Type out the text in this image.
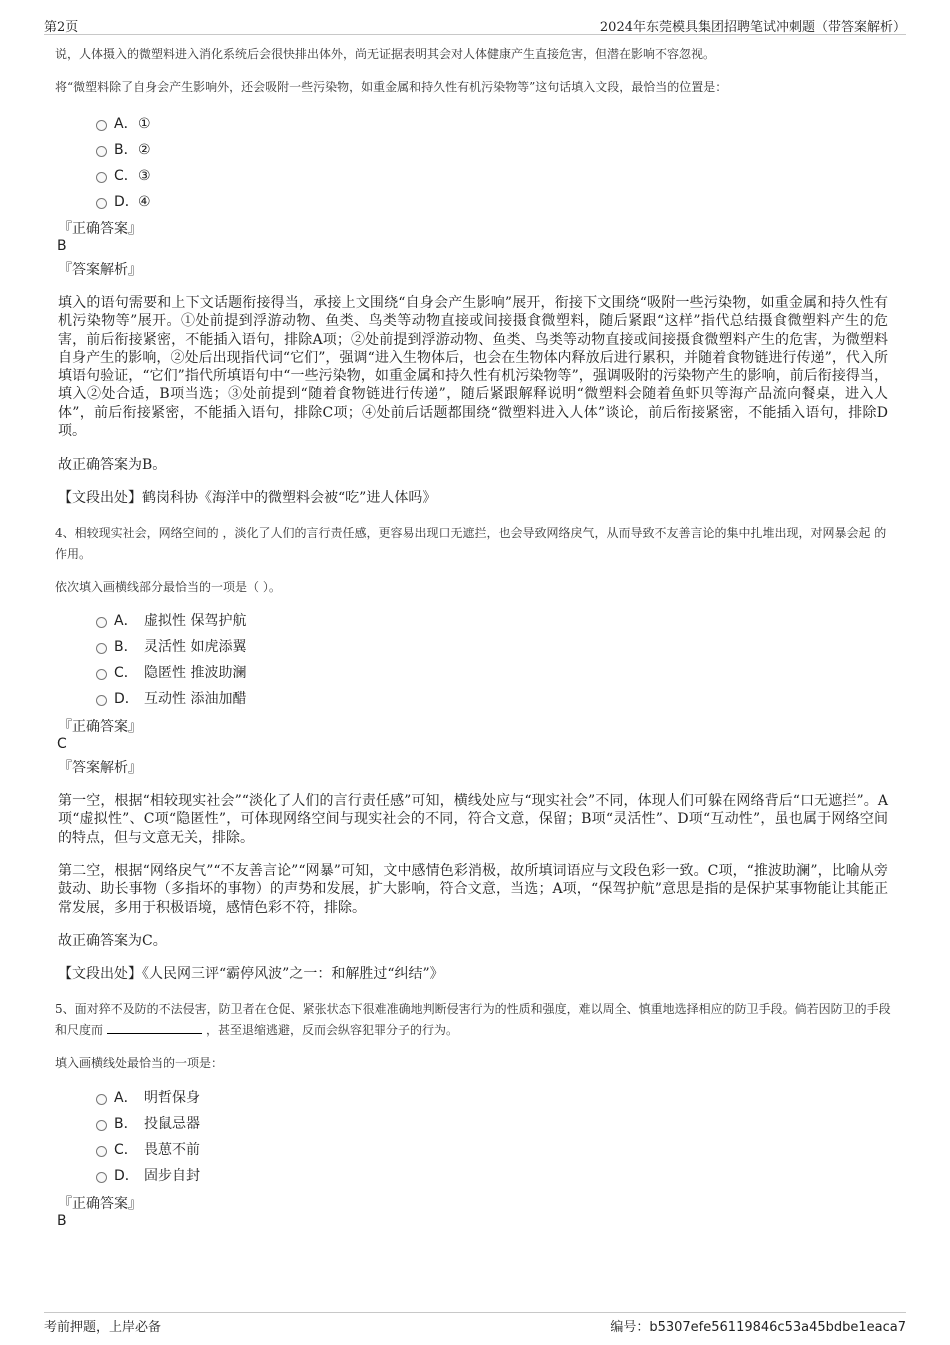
第2页	2024年东莞模具集团招聘笔试冲刺题（带答案解析）
说，人体摄入的微塑料进入消化系统后会很快排出体外，尚无证据表明其会对人体健康产生直接危害，但潜在影响不容忽视。
将“微塑料除了自身会产生影响外，还会吸附一些污染物，如重金属和持久性有机污染物等”这句话填入文段，最恰当的位置是：
A． ①
B． ②
C． ③
D． ④
『正确答案』
B
『答案解析』
填入的语句需要和上下文话题衔接得当，承接上文围绕“自身会产生影响”展开，衔接下文围绕“吸附一些污染物，如重金属和持久性有机污染物等”展开。①处前提到浮游动物、鱼类、鸟类等动物直接或间接摄食微塑料，随后紧跟“这样”指代总结摄食微塑料产生的危害，前后衔接紧密，不能插入语句，排除A项；②处前提到浮游动物、鱼类、鸟类等动物直接或间接摄食微塑料产生的危害，为微塑料自身产生的影响，②处后出现指代词“它们”，强调“进入生物体后，也会在生物体内释放后进行累积，并随着食物链进行传递”，代入所填语句验证，“它们”指代所填语句中“一些污染物，如重金属和持久性有机污染物等”，强调吸附的污染物产生的影响，前后衔接得当，填入②处合适，B项当选；③处前提到“随着食物链进行传递”，随后紧跟解释说明“微塑料会随着鱼虾贝等海产品流向餐桌，进入人体”，前后衔接紧密，不能插入语句，排除C项；④处前后话题都围绕“微塑料进入人体”谈论，前后衔接紧密，不能插入语句，排除D项。
故正确答案为B。
【文段出处】鹤岗科协《海洋中的微塑料会被“吃”进人体吗》
4、相较现实社会，网络空间的 ，淡化了人们的言行责任感，更容易出现口无遮拦，也会导致网络戾气，从而导致不友善言论的集中扎堆出现，对网暴会起 的作用。
依次填入画横线部分最恰当的一项是（ ）。
A． 虚拟性 保驾护航
B． 灵活性 如虎添翼
C． 隐匿性 推波助澜
D． 互动性 添油加醋
『正确答案』
C
『答案解析』
第一空，根据“相较现实社会”“淡化了人们的言行责任感”可知，横线处应与“现实社会”不同，体现人们可躲在网络背后“口无遮拦”。A项“虚拟性”、C项“隐匿性”，可体现网络空间与现实社会的不同，符合文意，保留；B项“灵活性”、D项“互动性”，虽也属于网络空间的特点，但与文意无关，排除。
第二空，根据“网络戾气”“不友善言论”“网暴”可知，文中感情色彩消极，故所填词语应与文段色彩一致。C项，“推波助澜”，比喻从旁鼓动、助长事物（多指坏的事物）的声势和发展，扩大影响，符合文意，当选；A项，“保驾护航”意思是指的是保护某事物能让其能正常发展，多用于积极语境，感情色彩不符，排除。
故正确答案为C。
【文段出处】《人民网三评“霸停风波”之一：和解胜过“纠结”》
5、面对猝不及防的不法侵害，防卫者在仓促、紧张状态下很难准确地判断侵害行为的性质和强度，难以周全、慎重地选择相应的防卫手段。倘若因防卫的手段和尺度而	，甚至退缩逃避，反而会纵容犯罪分子的行为。
填入画横线处最恰当的一项是：
A． 明哲保身
B． 投鼠忌器
C． 畏葸不前
D． 固步自封
『正确答案』
B
考前押题，上岸必备	编号：b5307efe56119846c53a45bdbe1eaca7
